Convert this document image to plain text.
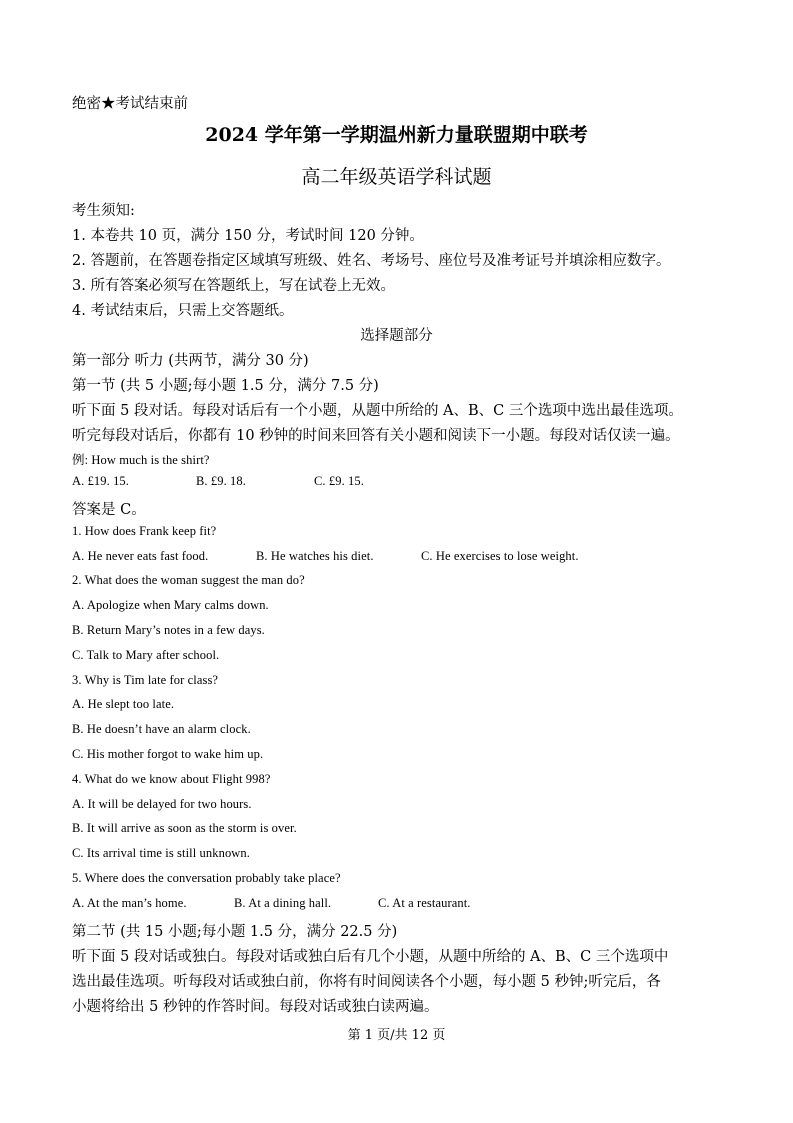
绝密★考试结束前
2024 学年第一学期温州新力量联盟期中联考
高二年级英语学科试题
考生须知:
1. 本卷共 10 页，满分 150 分，考试时间 120 分钟。
2. 答题前，在答题卷指定区域填写班级、姓名、考场号、座位号及准考证号并填涂相应数字。
3. 所有答案必须写在答题纸上，写在试卷上无效。
4. 考试结束后，只需上交答题纸。
选择题部分
第一部分 听力 (共两节，满分 30 分)
第一节 (共 5 小题;每小题 1.5 分，满分 7.5 分)
听下面 5 段对话。每段对话后有一个小题，从题中所给的 A、B、C 三个选项中选出最佳选项。
听完每段对话后，你都有 10 秒钟的时间来回答有关小题和阅读下一小题。每段对话仅读一遍。
例: How much is the shirt?
A. £19. 15.	B. £9. 18.	C. £9. 15.
答案是 C。
1. How does Frank keep fit?
A. He never eats fast food.	B. He watches his diet.	C. He exercises to lose weight.
2. What does the woman suggest the man do?
A. Apologize when Mary calms down.
B. Return Mary’s notes in a few days.
C. Talk to Mary after school.
3. Why is Tim late for class?
A. He slept too late.
B. He doesn’t have an alarm clock.
C. His mother forgot to wake him up.
4. What do we know about Flight 998?
A. It will be delayed for two hours.
B. It will arrive as soon as the storm is over.
C. Its arrival time is still unknown.
5. Where does the conversation probably take place?
A. At the man’s home.	B. At a dining hall.	C. At a restaurant.
第二节 (共 15 小题;每小题 1.5 分，满分 22.5 分)
听下面 5 段对话或独白。每段对话或独白后有几个小题，从题中所给的 A、B、C 三个选项中
选出最佳选项。听每段对话或独白前，你将有时间阅读各个小题，每小题 5 秒钟;听完后，各
小题将给出 5 秒钟的作答时间。每段对话或独白读两遍。
第 1 页/共 12 页
